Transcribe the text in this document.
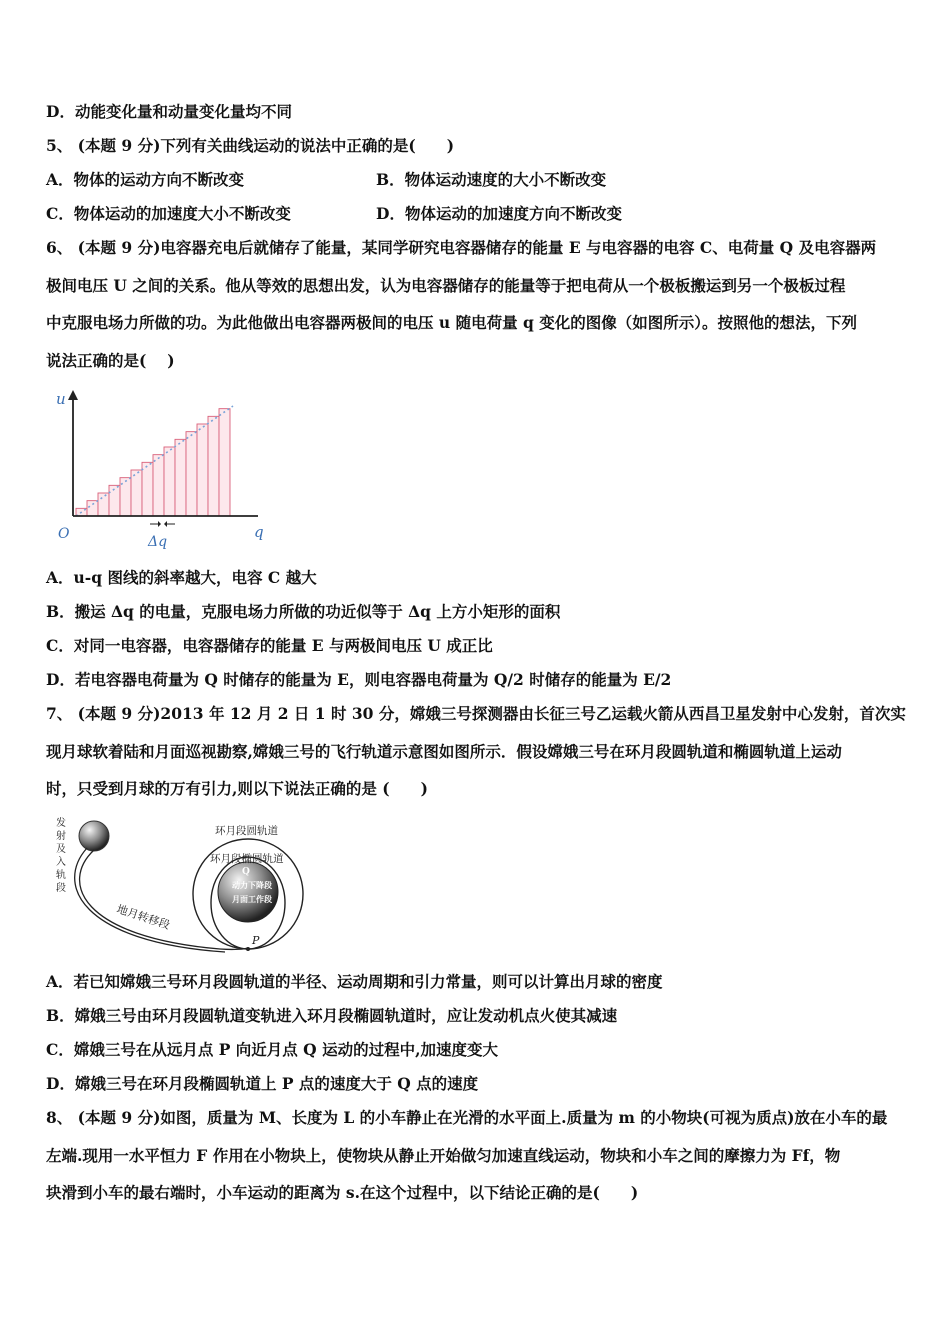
D．动能变化量和动量变化量均不同
5、 (本题 9 分)下列有关曲线运动的说法中正确的是(　　)
A．物体的运动方向不断改变	B．物体运动速度的大小不断改变
C．物体运动的加速度大小不断改变	D．物体运动的加速度方向不断改变
6、 (本题 9 分)电容器充电后就储存了能量，某同学研究电容器储存的能量 E 与电容器的电容 C、电荷量 Q 及电容器两
极间电压 U 之间的关系。他从等效的思想出发，认为电容器储存的能量等于把电荷从一个极板搬运到另一个极板过程
中克服电场力所做的功。为此他做出电容器两极间的电压 u 随电荷量 q 变化的图像（如图所示）。按照他的想法，下列
说法正确的是(　 )
u
q
O	Δq
A．u-q 图线的斜率越大，电容 C 越大
B．搬运 Δq 的电量，克服电场力所做的功近似等于 Δq 上方小矩形的面积
C．对同一电容器，电容器储存的能量 E 与两极间电压 U 成正比
D．若电容器电荷量为 Q 时储存的能量为 E，则电容器电荷量为 Q/2 时储存的能量为 E/2
7、 (本题 9 分)2013 年 12 月 2 日 1 时 30 分，嫦娥三号探测器由长征三号乙运载火箭从西昌卫星发射中心发射，首次实
现月球软着陆和月面巡视勘察,嫦娥三号的飞行轨道示意图如图所示．假设嫦娥三号在环月段圆轨道和椭圆轨道上运动
时，只受到月球的万有引力,则以下说法正确的是 (　　)
发 射 及 入 轨 段
地月转移段
环月段圆轨道
环月段椭圆轨道
动力下降段
月面工作段
Q
P
A．若已知嫦娥三号环月段圆轨道的半径、运动周期和引力常量，则可以计算出月球的密度
B．嫦娥三号由环月段圆轨道变轨进入环月段椭圆轨道时，应让发动机点火使其减速
C．嫦娥三号在从远月点 P 向近月点 Q 运动的过程中,加速度变大
D．嫦娥三号在环月段椭圆轨道上 P 点的速度大于 Q 点的速度
8、 (本题 9 分)如图，质量为 M、长度为 L 的小车静止在光滑的水平面上.质量为 m 的小物块(可视为质点)放在小车的最
左端.现用一水平恒力 F 作用在小物块上，使物块从静止开始做匀加速直线运动，物块和小车之间的摩擦力为 Ff，物
块滑到小车的最右端时，小车运动的距离为 s.在这个过程中，以下结论正确的是(　　)
